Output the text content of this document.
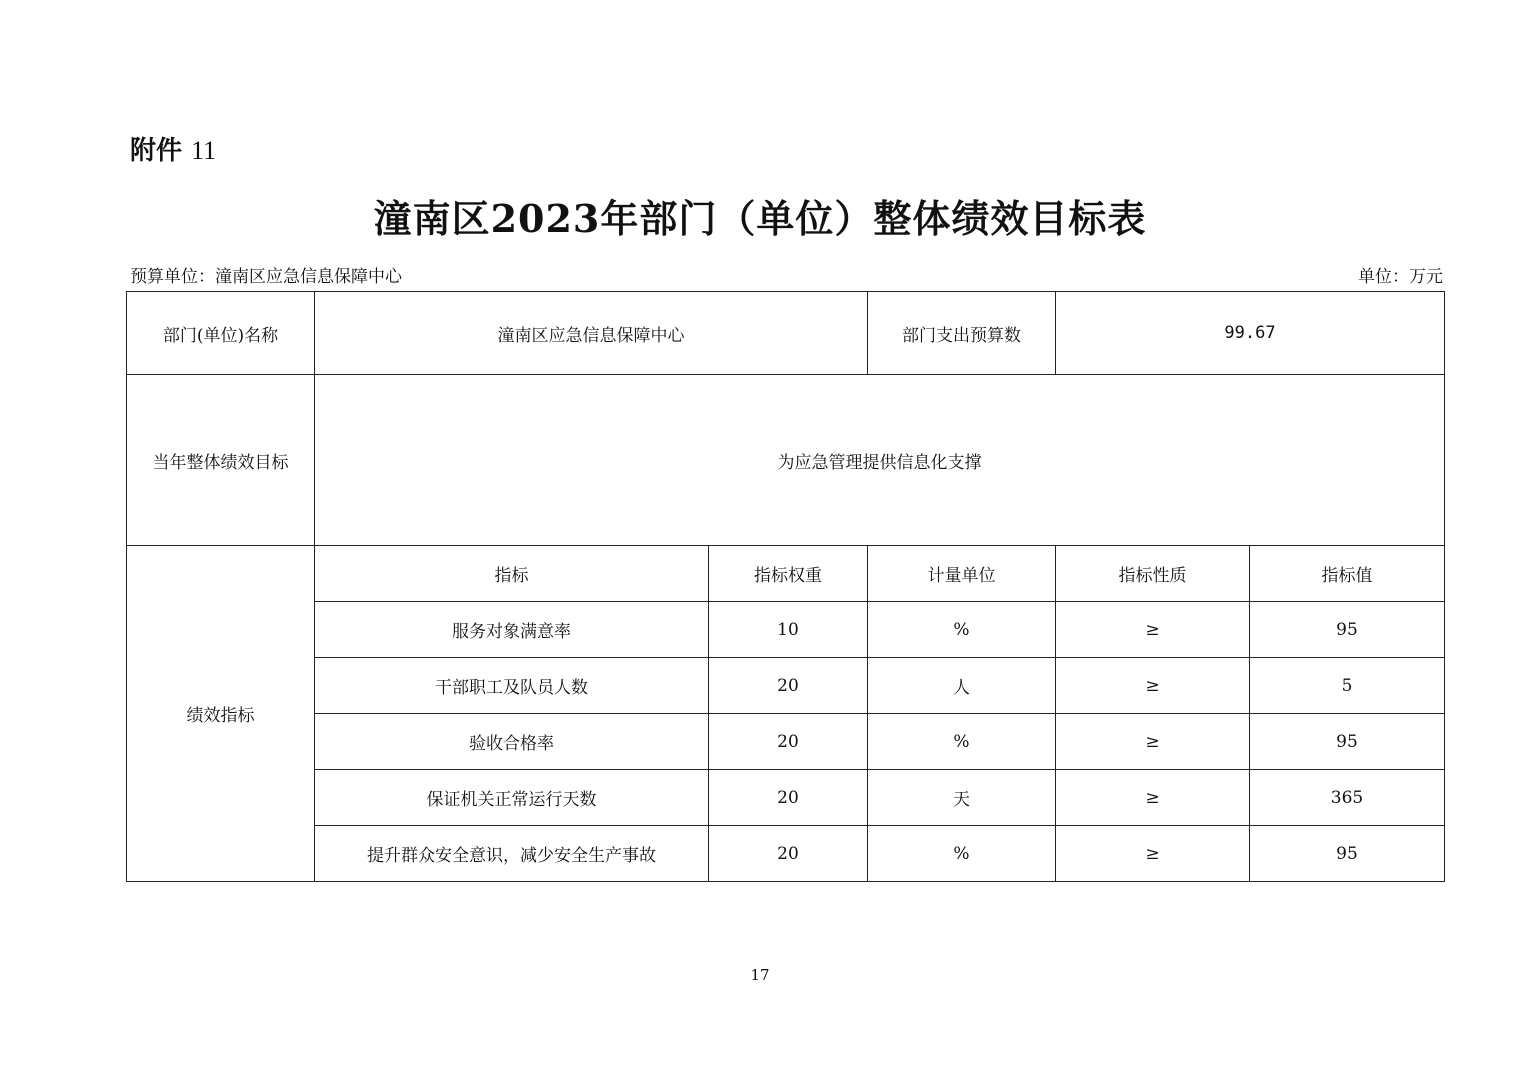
附件 11
潼南区2023年部门（单位）整体绩效目标表
预算单位：潼南区应急信息保障中心	单位：万元
部门(单位)名称	潼南区应急信息保障中心		部门支出预算数	99.67	
当年整体绩效目标	为应急管理提供信息化支撑				
绩效指标	指标	指标权重	计量单位	指标性质	指标值
	服务对象满意率	10	%	≥	95
	干部职工及队员人数	20	人	≥	5
	验收合格率	20	%	≥	95
	保证机关正常运行天数	20	天	≥	365
	提升群众安全意识，减少安全生产事故	20	%	≥	95
17
